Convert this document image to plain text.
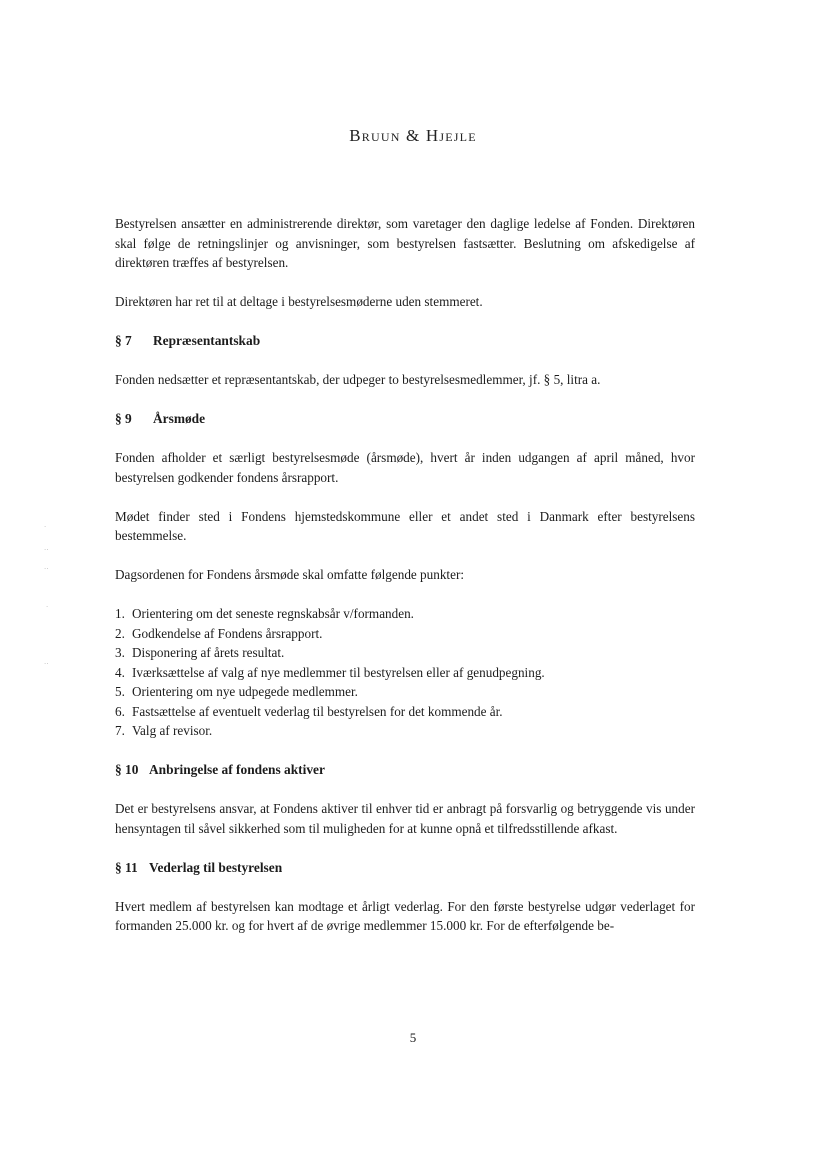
Bruun & Hjejle
·
··
··
·
··

Bestyrelsen ansætter en administrerende direktør, som varetager den daglige ledelse af Fonden. Direktøren skal følge de retningslinjer og anvisninger, som bestyrelsen fastsætter. Beslutning om afskedigelse af direktøren træffes af bestyrelsen.

Direktøren har ret til at deltage i bestyrelsesmøderne uden stemmeret.

§ 7 Repræsentantskab

Fonden nedsætter et repræsentantskab, der udpeger to bestyrelsesmedlemmer, jf. § 5, litra a.

§ 9 Årsmøde

Fonden afholder et særligt bestyrelsesmøde (årsmøde), hvert år inden udgangen af april måned, hvor bestyrelsen godkender fondens årsrapport.

Mødet finder sted i Fondens hjemstedskommune eller et andet sted i Danmark efter bestyrelsens bestemmelse.

Dagsordenen for Fondens årsmøde skal omfatte følgende punkter:

1. Orientering om det seneste regnskabsår v/formanden.
2. Godkendelse af Fondens årsrapport.
3. Disponering af årets resultat.
4. Iværksættelse af valg af nye medlemmer til bestyrelsen eller af genudpegning.
5. Orientering om nye udpegede medlemmer.
6. Fastsættelse af eventuelt vederlag til bestyrelsen for det kommende år.
7. Valg af revisor.
§ 10 Anbringelse af fondens aktiver

Det er bestyrelsens ansvar, at Fondens aktiver til enhver tid er anbragt på forsvarlig og betryggende vis under hensyntagen til såvel sikkerhed som til muligheden for at kunne opnå et tilfredsstillende afkast.

§ 11 Vederlag til bestyrelsen

Hvert medlem af bestyrelsen kan modtage et årligt vederlag. For den første bestyrelse udgør vederlaget for formanden 25.000 kr. og for hvert af de øvrige medlemmer 15.000 kr. For de efterfølgende be-

5
